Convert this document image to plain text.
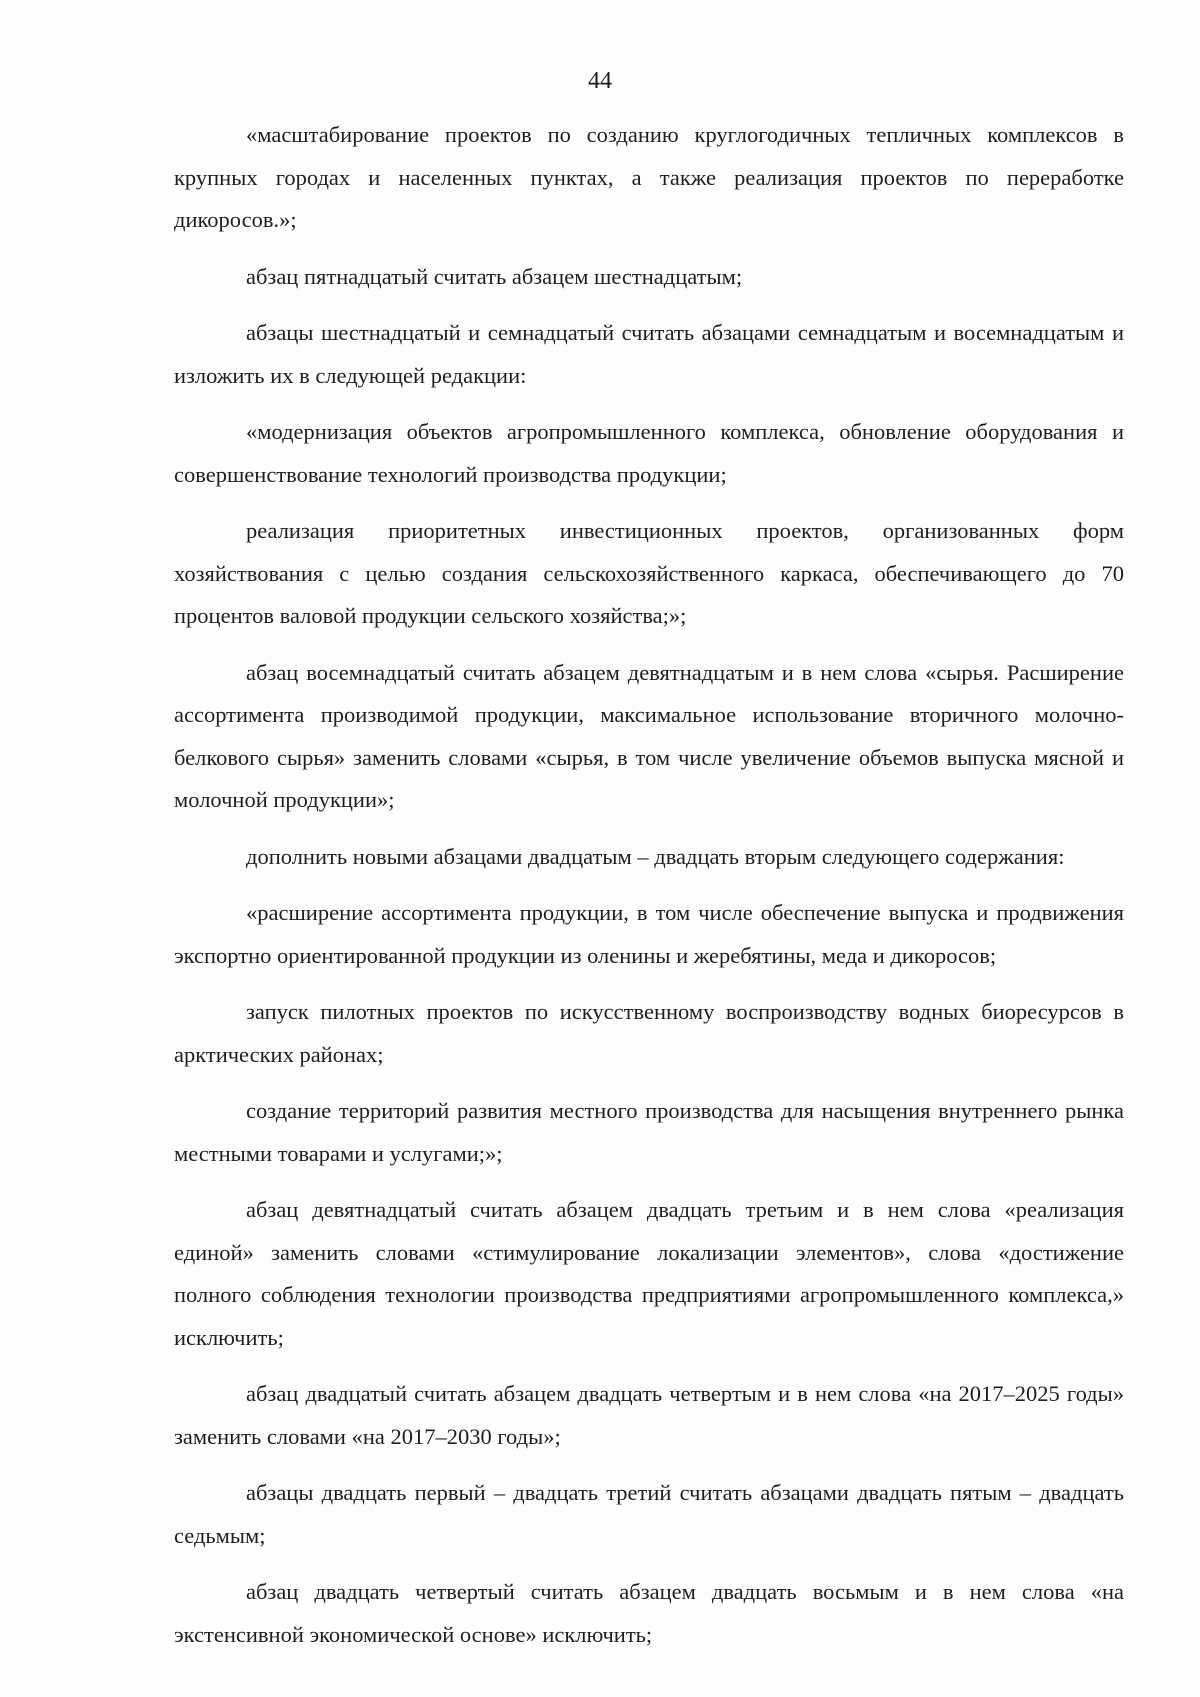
44

«масштабирование проектов по созданию круглогодичных тепличных комплексов в крупных городах и населенных пунктах, а также реализация проектов по переработке дикоросов.»;

абзац пятнадцатый считать абзацем шестнадцатым;

абзацы шестнадцатый и семнадцатый считать абзацами семнадцатым и восемнадцатым и изложить их в следующей редакции:

«модернизация объектов агропромышленного комплекса, обновление оборудования и совершенствование технологий производства продукции;

реализация приоритетных инвестиционных проектов, организованных форм хозяйствования с целью создания сельскохозяйственного каркаса, обеспечивающего до 70 процентов валовой продукции сельского хозяйства;»;

абзац восемнадцатый считать абзацем девятнадцатым и в нем слова «сырья. Расширение ассортимента производимой продукции, максимальное использование вторичного молочно-белкового сырья» заменить словами «сырья, в том числе увеличение объемов выпуска мясной и молочной продукции»;

дополнить новыми абзацами двадцатым – двадцать вторым следующего содержания:

«расширение ассортимента продукции, в том числе обеспечение выпуска и продвижения экспортно ориентированной продукции из оленины и жеребятины, меда и дикоросов;

запуск пилотных проектов по искусственному воспроизводству водных биоресурсов в арктических районах;

создание территорий развития местного производства для насыщения внутреннего рынка местными товарами и услугами;»;

абзац девятнадцатый считать абзацем двадцать третьим и в нем слова «реализация единой» заменить словами «стимулирование локализации элементов», слова «достижение полного соблюдения технологии производства предприятиями агропромышленного комплекса,» исключить;

абзац двадцатый считать абзацем двадцать четвертым и в нем слова «на 2017–2025 годы» заменить словами «на 2017–2030 годы»;

абзацы двадцать первый – двадцать третий считать абзацами двадцать пятым – двадцать седьмым;

абзац двадцать четвертый считать абзацем двадцать восьмым и в нем слова «на экстенсивной экономической основе» исключить;
